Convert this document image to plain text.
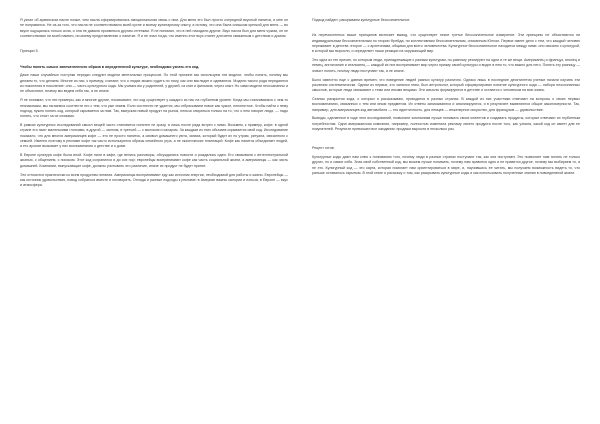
Я узнал об армянском насле позже, чем насла сформировалась эмоциональная связь с ним. Для меня это был просто очередной вкусный напиток, и мне он не понравился. Не из-за того, что насла не соответствовало моей кухне и моему кулинарному опыту, а потому, что она была слишком крепкой для меня — во вкусе ощущалась только сила, и она не давала проявиться другим оттенкам. Я не понимал, что в ней находили другие. Вкус насла был для меня чужим, он не соответствовал ни моей памяти, ни моему представлению о напитке. Я и не знал тогда, что именно этот вкус станет для меня связанным с детством и домом.

Принцип 5.

Чтобы понять смысл запечатленного образа в определенной культуре, необходимо узнать его код.

Даже наши случайные поступки нередко следуют модели ментальных процессов. По этой причине мы используем эти модели, чтобы понять, почему мы делаем то, что делаем. Многие из нас, к примеру, считают, что о людях можно судить по тому, как они выглядят и одеваются. Модели такого рода передаются из поколения в поколение: они — часть культурного кода. Мы учимся им у родителей, у друзей, из книг и фильмов, через опыт. Но сами модели неосознанны и не объясняют, почему мы ведем себя так, а не иначе.

Я не понимал, что эти примеры, как и многие другие, показывают, что код существует у каждого из нас на глубинном уровне. Когда мы сталкиваемся с чем-то незнакомым, мы пытаемся соотнести это с тем, что уже знаем. Если соотнести не удается, мы отбрасываем новое как чужое, непонятное. Чтобы найти к нему подход, нужно понять код, который скрывается за ним. Так, выпуская новый продукт на рынок, нельзя опираться только на то, что о нем говорят люди, — надо понять, что стоит за их словами.

В рамках культурных исследований смысл вещей часто становится понятен не сразу, а лишь после ряда встреч с ними. Возьмем, к примеру, кофе: в одной стране его пьют маленькими глотками, в другой — залпом, в третьей — с молоком и сахаром. За каждым из этих обычаев скрывается свой код. Исследование показало, что для многих американцев кофе — это не просто напиток, а символ домашнего уюта, запаха, который будит их по утрам, ритуала, связанного с семьей. Именно поэтому в рекламе кофе так часто используются образы семейного утра, а не экзотических плантаций. Кофе как напиток объединяет людей, а его аромат вызывает у них воспоминания о детстве и о доме.

В Европе культура кофе была иной. Кофе пили в кафе, где велись разговоры, обсуждались новости и рождались идеи. Его связывали с интеллектуальной жизнью, с общением, с поиском. Этот код сохранился и до сих пор: европейцы воспринимают кофе как часть социальной жизни, а американцы — как часть домашней. Компании, выпускающие кофе, должны учитывать это различие, иначе их продукт не будет принят.

Это относится практически ко всем продуктам питания. Американцы воспринимают еду как источник энергии, необходимой для работы и жизни. Европейцы — как источник удовольствия, повод собраться вместе и поговорить. Отсюда и разные подходы к рекламе: в Америке важны калории и польза, в Европе — вкус и атмосфера.

Подход найден: раскрываем культурные бессознательное.

Из перечисленных выше принципов вытекает вывод, что существует некое третье бессознательное измерение. Эти принципы не объясняются ни индивидуальным бессознательным по теории Фрейда, ни коллективным бессознательным, описанным Юнгом. Первое имеет дело с тем, что каждый человек переживает в детстве, второе — с архетипами, общими для всего человечества. Культурное бессознательное находится между ними: оно связано с культурой, в которой мы выросли, и определяет наши реакции на окружающий мир.

Это одна из тех причин, по которым люди, принадлежащие к разным культурам, по-разному реагируют на одни и те же вещи. Американец и француз, японец и немец, англичанин и итальянец — каждый из них воспринимает мир через призму своей культуры и видит в нем то, что важно для него. Понять эту разницу — значит понять, почему люди поступают так, а не иначе.

Было известно еще с давних времен, что поведение людей разных культур различно. Однако лишь в последние десятилетия ученые начали изучать эти различия систематически. Одним из первых, кто занялся этим, был антрополог, который сформулировал понятие культурного кода — набора неосознанных смыслов, которые люди связывают с теми или иными вещами. Эти смыслы формируются в детстве и остаются с человеком на всю жизнь.

Сеансы раскрытия кода, о которых я рассказываю, проводятся в разных странах. В каждой из них участники отвечают на вопросы о своих первых воспоминаниях, связанных с тем или иным предметом. Их ответы записываются и анализируются, и в результате выявляются общие закономерности. Так, например, для американцев код автомобиля — это идентичность, для немцев — инженерное искусство, для французов — удовольствие.

Выводы, сделанные в ходе этих исследований, позволяют компаниям лучше понимать своих клиентов и создавать продукты, которые отвечают их глубинным потребностям. Одна американская компания, например, полностью изменила рекламу своего продукта после того, как узнала, какой код он имеет для ее покупателей. Результат превзошел все ожидания: продажи выросли в несколько раз.

Рецепт готов:

Культурные коды дают нам ключ к пониманию того, почему люди в разных странах поступают так, как они поступают. Это позволяет нам понять не только других, но и самих себя. Зная свой собственный код, мы можем лучше понимать, почему нам нравится одно и не нравится другое, почему мы выбираем то, а не это. Культурный код — это карта, которая помогает нам ориентироваться в мире, и, научившись ее читать, мы получаем возможность видеть то, что раньше оставалось скрытым. В этой книге я расскажу о том, как раскрывать культурные коды и как использовать полученные знания в повседневной жизни.
